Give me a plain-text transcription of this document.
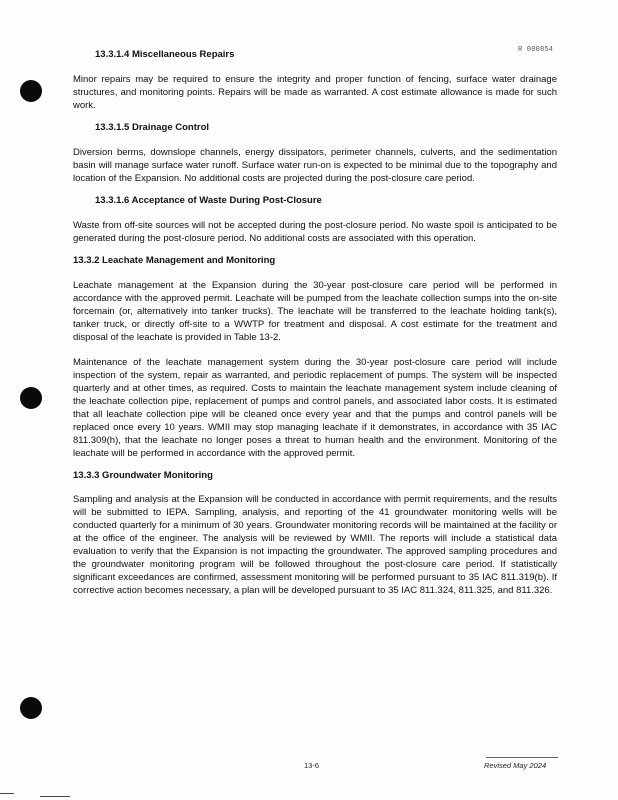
R 000854
13.3.1.4 Miscellaneous Repairs

Minor repairs may be required to ensure the integrity and proper function of fencing, surface water drainage structures, and monitoring points. Repairs will be made as warranted. A cost estimate allowance is made for such work.

13.3.1.5 Drainage Control

Diversion berms, downslope channels, energy dissipators, perimeter channels, culverts, and the sedimentation basin will manage surface water runoff. Surface water run-on is expected to be minimal due to the topography and location of the Expansion. No additional costs are projected during the post-closure care period.

13.3.1.6 Acceptance of Waste During Post-Closure

Waste from off-site sources will not be accepted during the post-closure period. No waste spoil is anticipated to be generated during the post-closure period. No additional costs are associated with this operation.

13.3.2 Leachate Management and Monitoring

Leachate management at the Expansion during the 30-year post-closure care period will be performed in accordance with the approved permit. Leachate will be pumped from the leachate collection sumps into the on-site forcemain (or, alternatively into tanker trucks). The leachate will be transferred to the leachate holding tank(s), tanker truck, or directly off-site to a WWTP for treatment and disposal. A cost estimate for the treatment and disposal of the leachate is provided in Table 13-2.

Maintenance of the leachate management system during the 30-year post-closure care period will include inspection of the system, repair as warranted, and periodic replacement of pumps. The system will be inspected quarterly and at other times, as required. Costs to maintain the leachate management system include cleaning of the leachate collection pipe, replacement of pumps and control panels, and associated labor costs. It is estimated that all leachate collection pipe will be cleaned once every year and that the pumps and control panels will be replaced once every 10 years. WMII may stop managing leachate if it demonstrates, in accordance with 35 IAC 811.309(h), that the leachate no longer poses a threat to human health and the environment. Monitoring of the leachate will be performed in accordance with the approved permit.

13.3.3 Groundwater Monitoring

Sampling and analysis at the Expansion will be conducted in accordance with permit requirements, and the results will be submitted to IEPA. Sampling, analysis, and reporting of the 41 groundwater monitoring wells will be conducted quarterly for a minimum of 30 years. Groundwater monitoring records will be maintained at the facility or at the office of the engineer. The analysis will be reviewed by WMII. The reports will include a statistical data evaluation to verify that the Expansion is not impacting the groundwater. The approved sampling procedures and the groundwater monitoring program will be followed throughout the post-closure care period. If statistically significant exceedances are confirmed, assessment monitoring will be performed pursuant to 35 IAC 811.319(b). If corrective action becomes necessary, a plan will be developed pursuant to 35 IAC 811.324, 811.325, and 811.326.

13-6	Revised May 2024
